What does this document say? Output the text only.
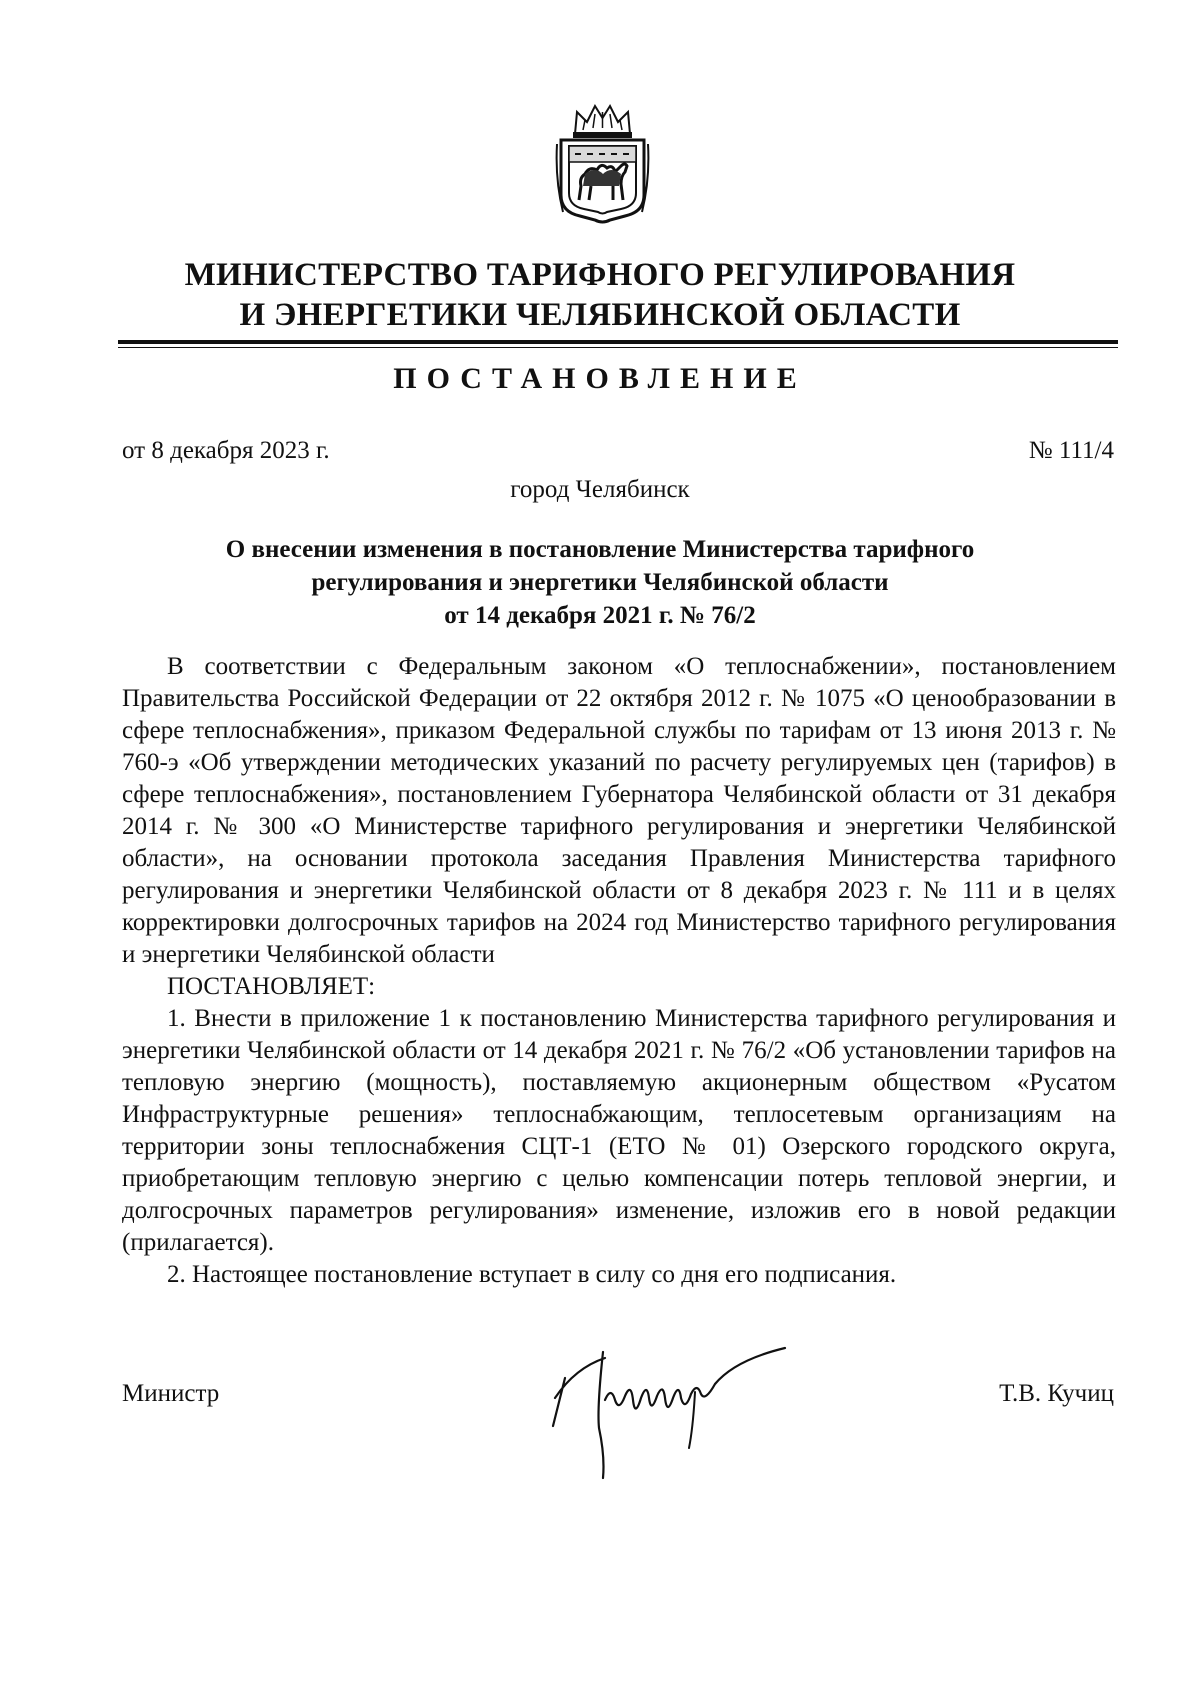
МИНИСТЕРСТВО ТАРИФНОГО РЕГУЛИРОВАНИЯ
И ЭНЕРГЕТИКИ ЧЕЛЯБИНСКОЙ ОБЛАСТИ
ПОСТАНОВЛЕНИЕ
от 8 декабря 2023 г.	№ 111/4
город Челябинск
О внесении изменения в постановление Министерства тарифного
регулирования и энергетики Челябинской области
от 14 декабря 2021 г. № 76/2

В соответствии с Федеральным законом «О теплоснабжении», постановлением Правительства Российской Федерации от 22 октября 2012 г. № 1075 «О ценообразовании в сфере теплоснабжения», приказом Федеральной службы по тарифам от 13 июня 2013 г. № 760-э «Об утверждении методических указаний по расчету регулируемых цен (тарифов) в сфере теплоснабжения», постановлением Губернатора Челябинской области от 31 декабря 2014 г. № 300 «О Министерстве тарифного регулирования и энергетики Челябинской области», на основании протокола заседания Правления Министерства тарифного регулирования и энергетики Челябинской области от 8 декабря 2023 г. № 111 и в целях корректировки долгосрочных тарифов на 2024 год Министерство тарифного регулирования и энергетики Челябинской области

ПОСТАНОВЛЯЕТ:

1. Внести в приложение 1 к постановлению Министерства тарифного регулирования и энергетики Челябинской области от 14 декабря 2021 г. № 76/2 «Об установлении тарифов на тепловую энергию (мощность), поставляемую акционерным обществом «Русатом Инфраструктурные решения» теплоснабжающим, теплосетевым организациям на территории зоны теплоснабжения СЦТ-1 (ЕТО № 01) Озерского городского округа, приобретающим тепловую энергию с целью компенсации потерь тепловой энергии, и долгосрочных параметров регулирования» изменение, изложив его в новой редакции (прилагается).

2. Настоящее постановление вступает в силу со дня его подписания.

Министр	Т.В. Кучиц
